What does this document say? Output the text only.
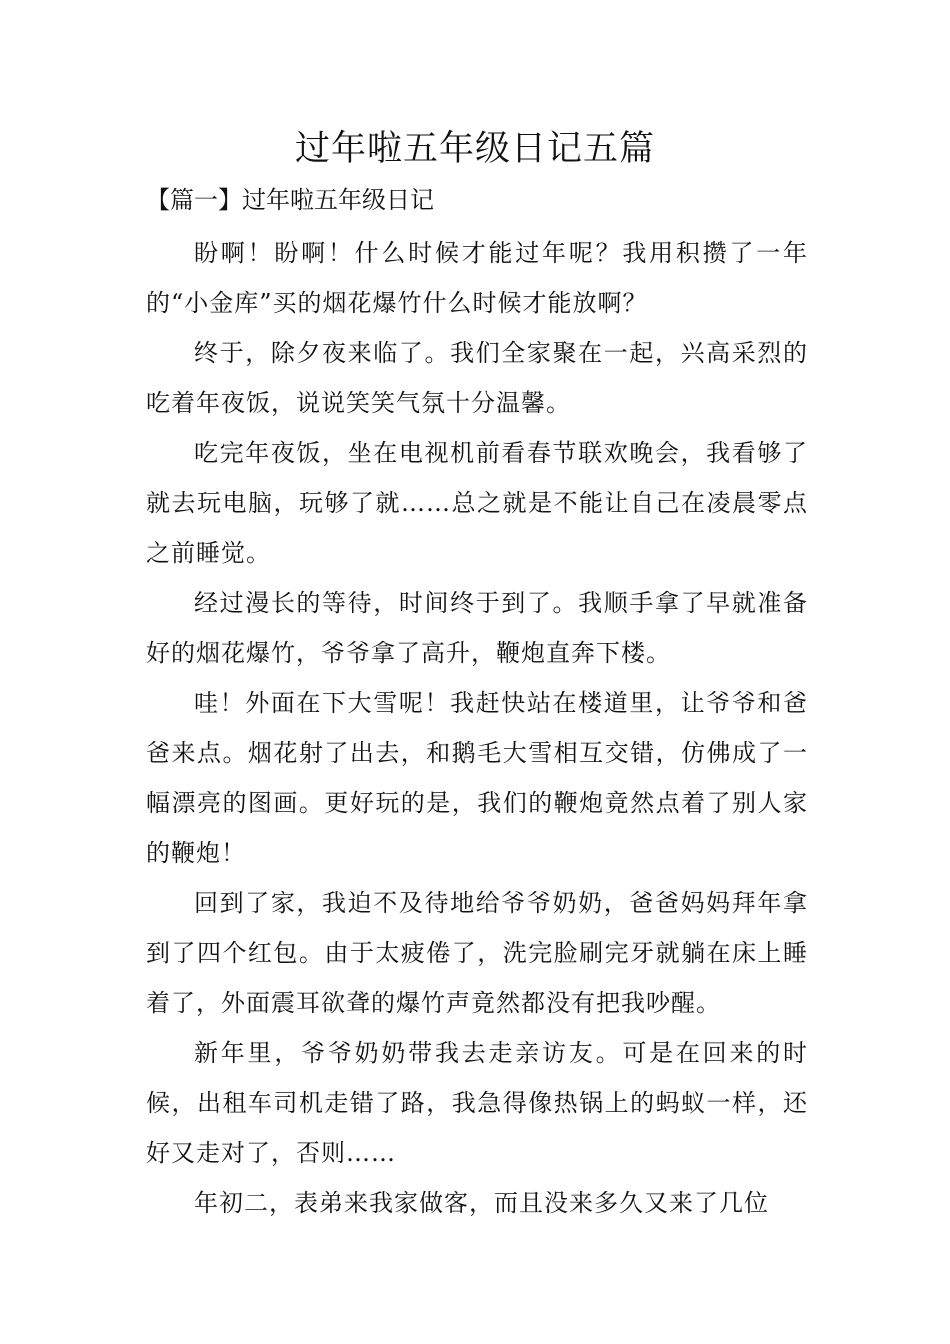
过年啦五年级日记五篇
【篇一】过年啦五年级日记

盼啊！盼啊！什么时候才能过年呢？我用积攒了一年的“小金库”买的烟花爆竹什么时候才能放啊？

终于，除夕夜来临了。我们全家聚在一起，兴高采烈的吃着年夜饭，说说笑笑气氛十分温馨。

吃完年夜饭，坐在电视机前看春节联欢晚会，我看够了就去玩电脑，玩够了就……总之就是不能让自己在凌晨零点之前睡觉。

经过漫长的等待，时间终于到了。我顺手拿了早就准备好的烟花爆竹，爷爷拿了高升，鞭炮直奔下楼。

哇！外面在下大雪呢！我赶快站在楼道里，让爷爷和爸爸来点。烟花射了出去，和鹅毛大雪相互交错，仿佛成了一幅漂亮的图画。更好玩的是，我们的鞭炮竟然点着了别人家的鞭炮！

回到了家，我迫不及待地给爷爷奶奶，爸爸妈妈拜年拿到了四个红包。由于太疲倦了，洗完脸刷完牙就躺在床上睡着了，外面震耳欲聋的爆竹声竟然都没有把我吵醒。

新年里，爷爷奶奶带我去走亲访友。可是在回来的时候，出租车司机走错了路，我急得像热锅上的蚂蚁一样，还好又走对了，否则……

年初二，表弟来我家做客，而且没来多久又来了几位
